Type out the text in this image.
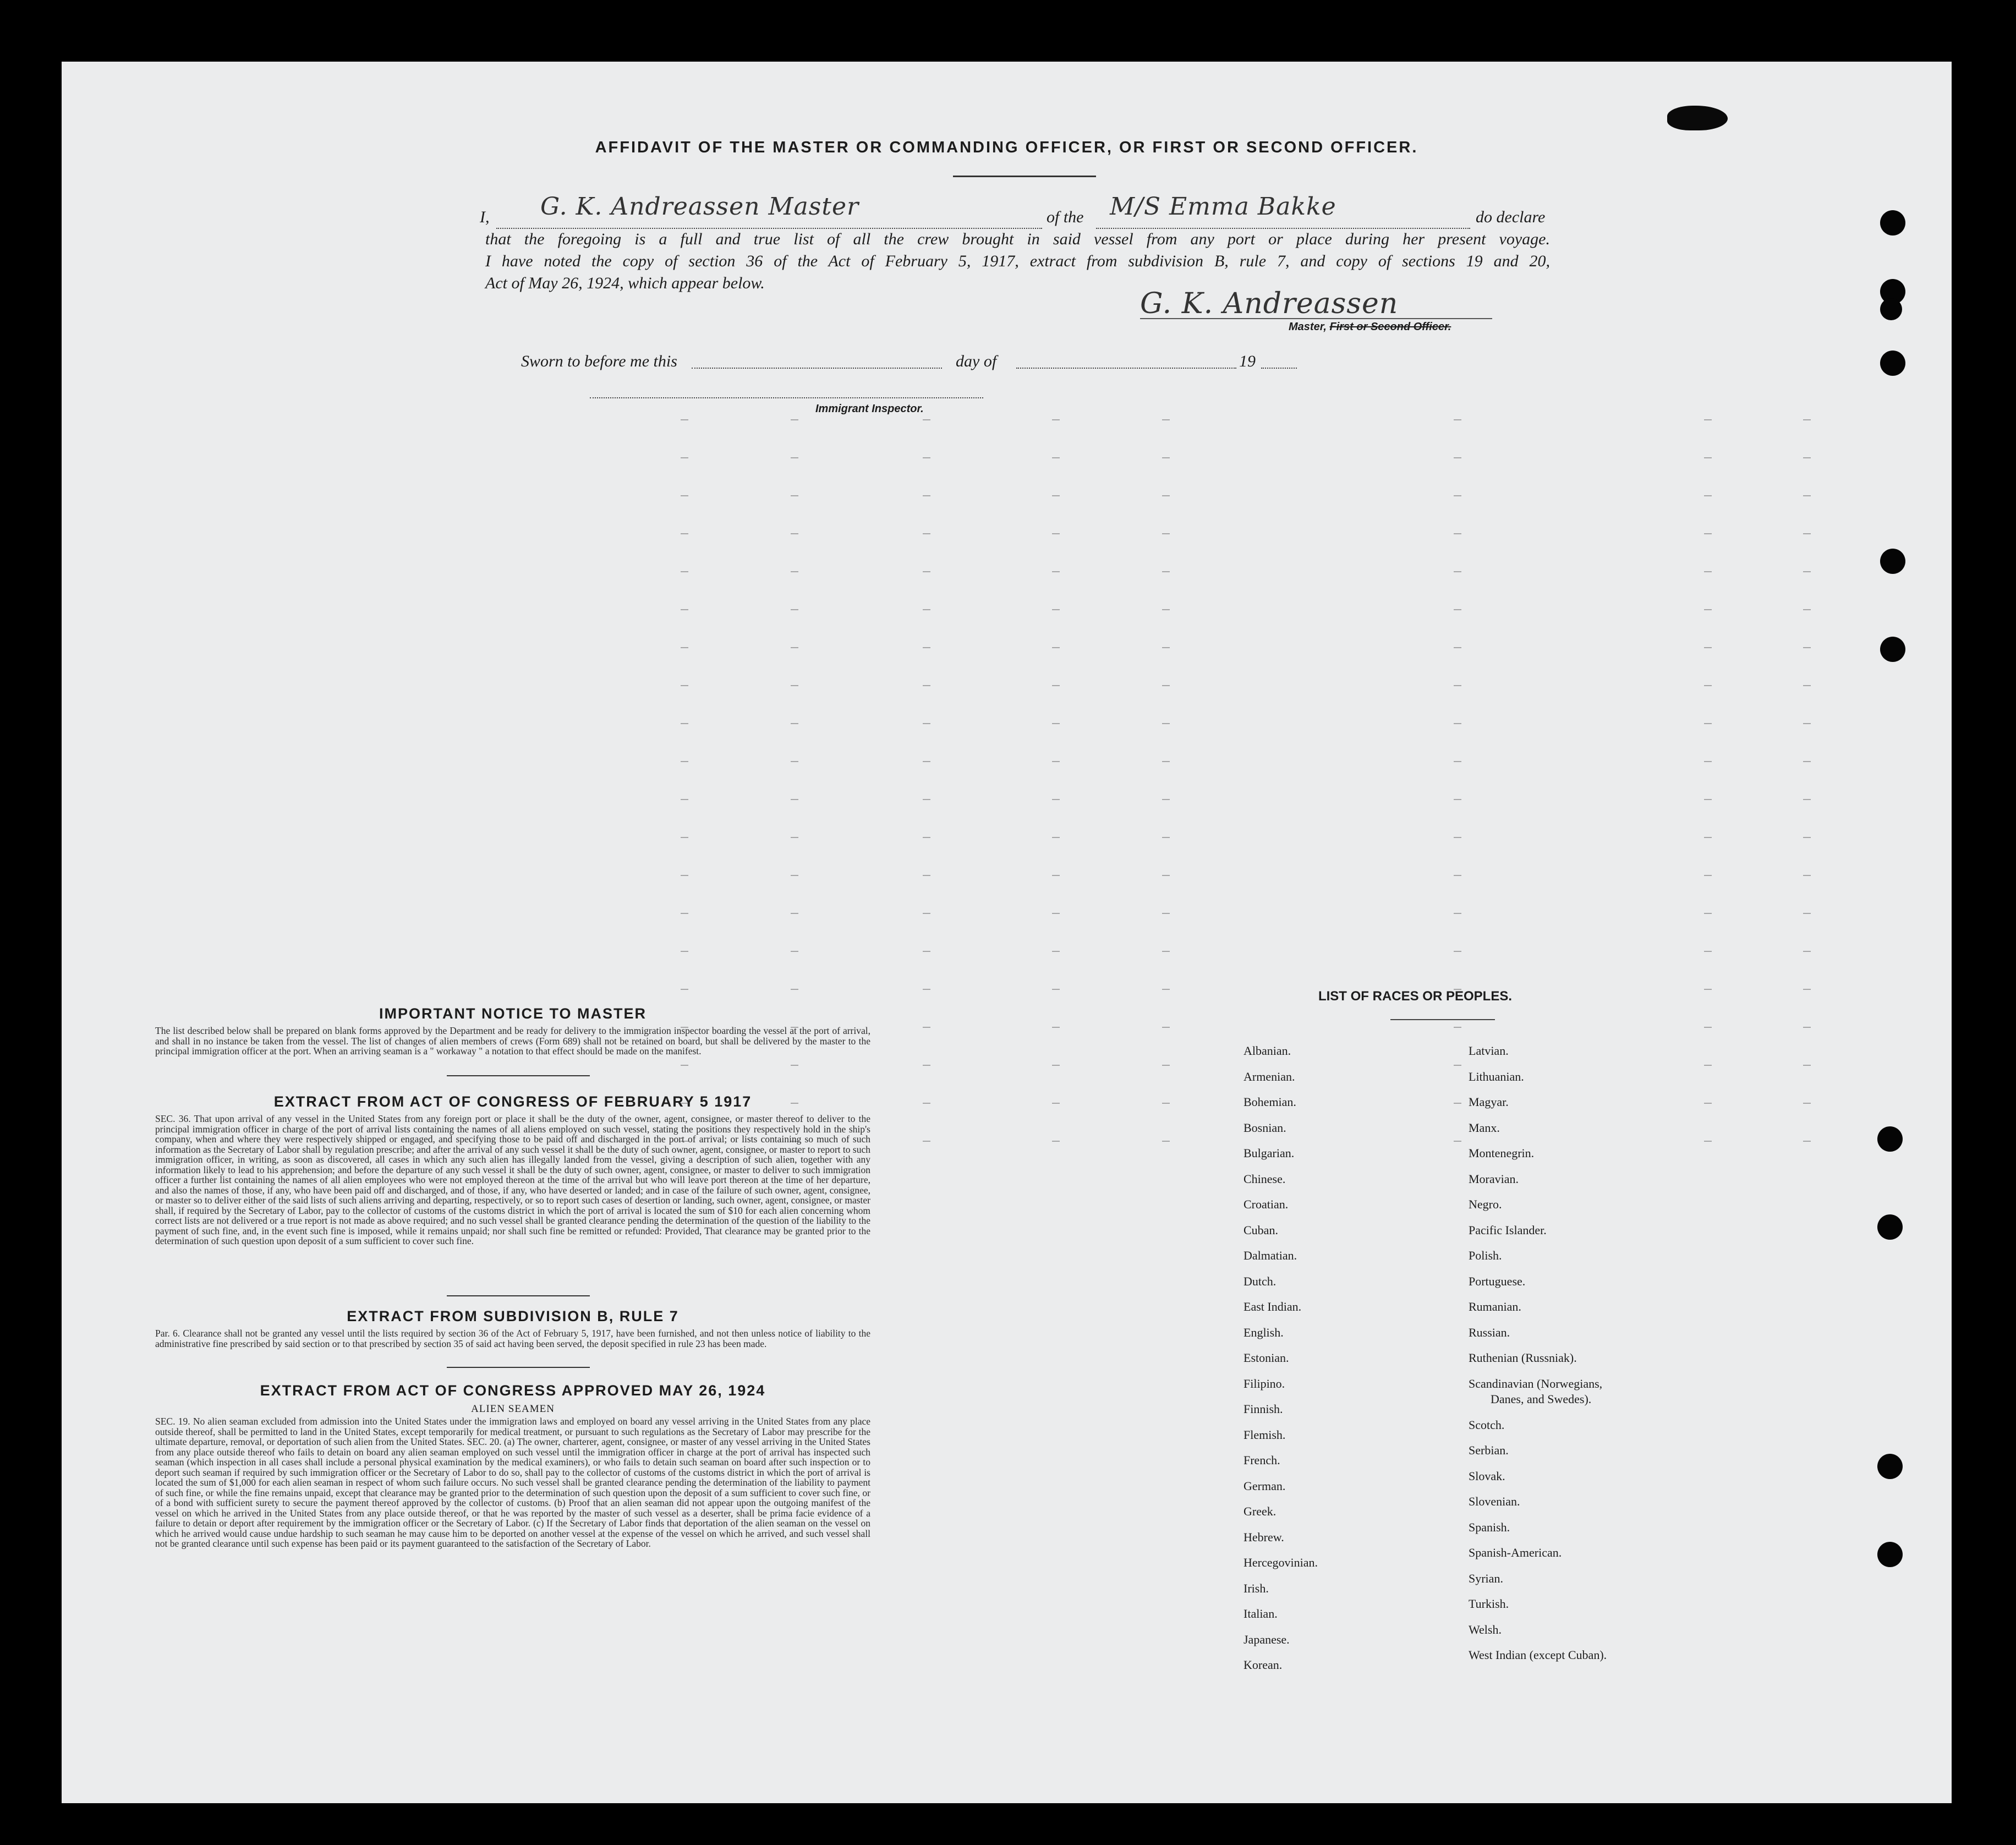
AFFIDAVIT OF THE MASTER OR COMMANDING OFFICER, OR FIRST OR SECOND OFFICER.
I, G. K. Andreassen Master	of the M/S Emma Bakke	do declare
that the foregoing is a full and true list of all the crew brought in said vessel from any port or place during her present voyage.
I have noted the copy of section 36 of the Act of February 5, 1917, extract from subdivision B, rule 7, and copy of sections 19 and 20,
Act of May 26, 1924, which appear below.
G. K. Andreassen
Master, First or Second Officer.
Sworn to before me this	day of	19
Immigrant Inspector.
IMPORTANT NOTICE TO MASTER
The list described below shall be prepared on blank forms approved by the Department and be ready for delivery to the immigration inspector boarding the vessel at the port of arrival, and shall in no instance be taken from the vessel. The list of changes of alien members of crews (Form 689) shall not be retained on board, but shall be delivered by the master to the principal immigration officer at the port. When an arriving seaman is a " workaway " a notation to that effect should be made on the manifest.
EXTRACT FROM ACT OF CONGRESS OF FEBRUARY 5 1917
SEC. 36. That upon arrival of any vessel in the United States from any foreign port or place it shall be the duty of the owner, agent, consignee, or master thereof to deliver to the principal immigration officer in charge of the port of arrival lists containing the names of all aliens employed on such vessel, stating the positions they respectively hold in the ship's company, when and where they were respectively shipped or engaged, and specifying those to be paid off and discharged in the port of arrival; or lists containing so much of such information as the Secretary of Labor shall by regulation prescribe; and after the arrival of any such vessel it shall be the duty of such owner, agent, consignee, or master to report to such immigration officer, in writing, as soon as discovered, all cases in which any such alien has illegally landed from the vessel, giving a description of such alien, together with any information likely to lead to his apprehension; and before the departure of any such vessel it shall be the duty of such owner, agent, consignee, or master to deliver to such immigration officer a further list containing the names of all alien employees who were not employed thereon at the time of the arrival but who will leave port thereon at the time of her departure, and also the names of those, if any, who have been paid off and discharged, and of those, if any, who have deserted or landed; and in case of the failure of such owner, agent, consignee, or master so to deliver either of the said lists of such aliens arriving and departing, respectively, or so to report such cases of desertion or landing, such owner, agent, consignee, or master shall, if required by the Secretary of Labor, pay to the collector of customs of the customs district in which the port of arrival is located the sum of $10 for each alien concerning whom correct lists are not delivered or a true report is not made as above required; and no such vessel shall be granted clearance pending the determination of the question of the liability to the payment of such fine, and, in the event such fine is imposed, while it remains unpaid; nor shall such fine be remitted or refunded: Provided, That clearance may be granted prior to the determination of such question upon deposit of a sum sufficient to cover such fine.
EXTRACT FROM SUBDIVISION B, RULE 7
Par. 6. Clearance shall not be granted any vessel until the lists required by section 36 of the Act of February 5, 1917, have been furnished, and not then unless notice of liability to the administrative fine prescribed by said section or to that prescribed by section 35 of said act having been served, the deposit specified in rule 23 has been made.
EXTRACT FROM ACT OF CONGRESS APPROVED MAY 26, 1924
ALIEN SEAMEN
SEC. 19. No alien seaman excluded from admission into the United States under the immigration laws and employed on board any vessel arriving in the United States from any place outside thereof, shall be permitted to land in the United States, except temporarily for medical treatment, or pursuant to such regulations as the Secretary of Labor may prescribe for the ultimate departure, removal, or deportation of such alien from the United States. SEC. 20. (a) The owner, charterer, agent, consignee, or master of any vessel arriving in the United States from any place outside thereof who fails to detain on board any alien seaman employed on such vessel until the immigration officer in charge at the port of arrival has inspected such seaman (which inspection in all cases shall include a personal physical examination by the medical examiners), or who fails to detain such seaman on board after such inspection or to deport such seaman if required by such immigration officer or the Secretary of Labor to do so, shall pay to the collector of customs of the customs district in which the port of arrival is located the sum of $1,000 for each alien seaman in respect of whom such failure occurs. No such vessel shall be granted clearance pending the determination of the liability to payment of such fine, or while the fine remains unpaid, except that clearance may be granted prior to the determination of such question upon the deposit of a sum sufficient to cover such fine, or of a bond with sufficient surety to secure the payment thereof approved by the collector of customs. (b) Proof that an alien seaman did not appear upon the outgoing manifest of the vessel on which he arrived in the United States from any place outside thereof, or that he was reported by the master of such vessel as a deserter, shall be prima facie evidence of a failure to detain or deport after requirement by the immigration officer or the Secretary of Labor. (c) If the Secretary of Labor finds that deportation of the alien seaman on the vessel on which he arrived would cause undue hardship to such seaman he may cause him to be deported on another vessel at the expense of the vessel on which he arrived, and such vessel shall not be granted clearance until such expense has been paid or its payment guaranteed to the satisfaction of the Secretary of Labor.
LIST OF RACES OR PEOPLES.
Albanian.
Armenian.
Bohemian.
Bosnian.
Bulgarian.
Chinese.
Croatian.
Cuban.
Dalmatian.
Dutch.
East Indian.
English.
Estonian.
Filipino.
Finnish.
Flemish.
French.
German.
Greek.
Hebrew.
Hercegovinian.
Irish.
Italian.
Japanese.
Korean.
Latvian.
Lithuanian.
Magyar.
Manx.
Montenegrin.
Moravian.
Negro.
Pacific Islander.
Polish.
Portuguese.
Rumanian.
Russian.
Ruthenian (Russniak).
Scandinavian (Norwegians,
Danes, and Swedes).
Scotch.
Serbian.
Slovak.
Slovenian.
Spanish.
Spanish-American.
Syrian.
Turkish.
Welsh.
West Indian (except Cuban).
